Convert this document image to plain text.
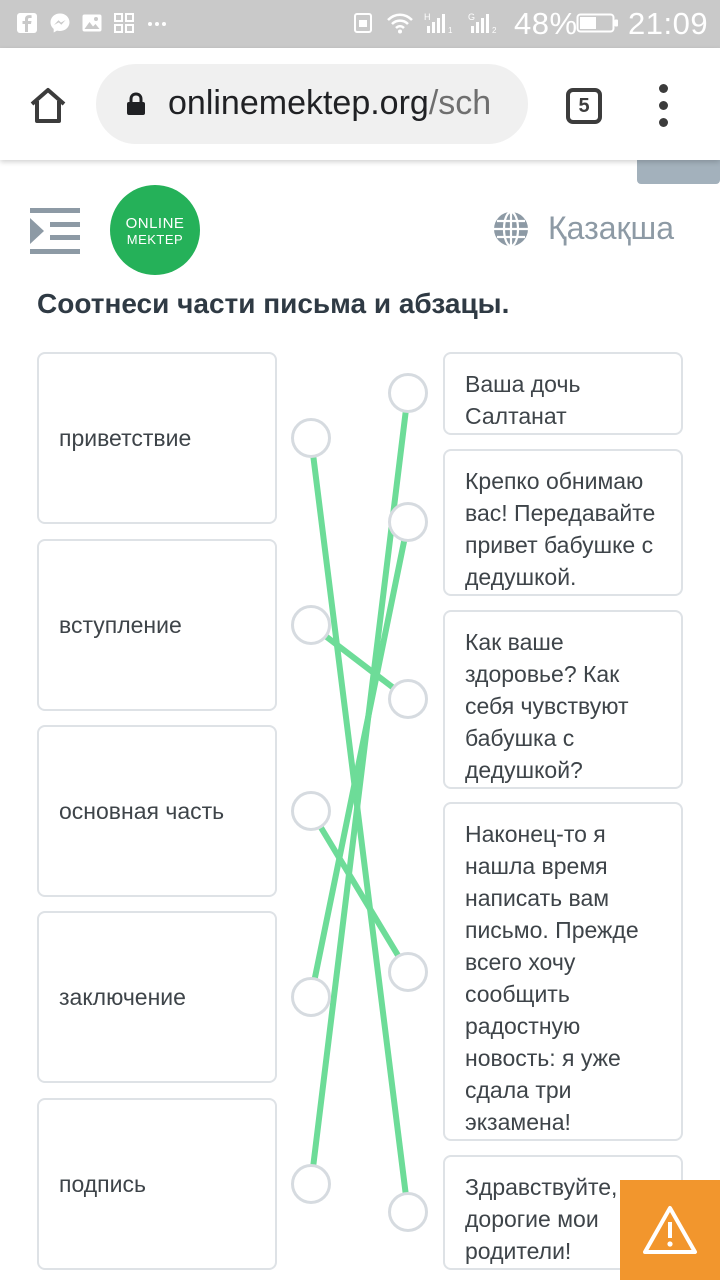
H
1
G
2 48% 21:09
onlinemektep.org/sch	5
ONLINE
MEKTEP	Қазақша
Соотнеси части письма и абзацы.
приветствие
вступление
основная часть
заключение
подпись
Ваша дочь Салтанат
Крепко обнимаю вас! Передавайте привет бабушке с дедушкой.
Как ваше здоровье? Как себя чувствуют бабушка с дедушкой?
Наконец-то я нашла время написать вам письмо. Прежде всего хочу сообщить радостную новость: я уже сдала три экзамена!
Здравствуйте, дорогие мои родители!
